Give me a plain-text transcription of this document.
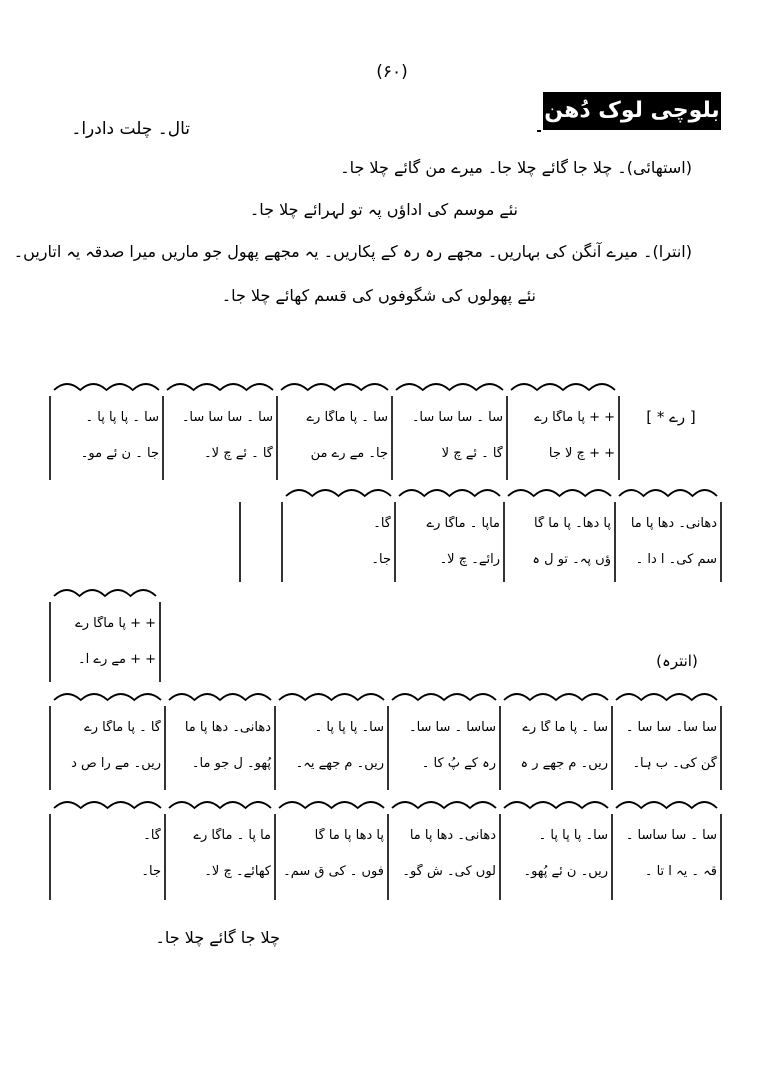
(۶۰)
بلوچی لوک دُھن
تال۔ چلت دادرا۔
(استھائی)۔ چلا جا گائے چلا جا۔ میرے من گائے چلا جا۔
نئے موسم کی اداؤں پہ تو لہرائے چلا جا۔
(انترا)۔ میرے آنگن کی بہاریں۔ مجھے رہ رہ کے پکاریں۔ یہ مجھے پھول جو ماریں میرا صدقہ یہ اتاریں۔
نئے پھولوں کی شگوفوں کی قسم کھائے چلا جا۔
[ رے * ]
(انترہ)
+ + پا ماگا رے
+ + چ لا جا
سا ۔ سا سا سا۔
گا ۔ ئے چ لا
سا ۔ پا ماگا رے
جا۔ مے رے من
سا ۔ سا سا سا۔
گا ۔ ئے چ لا۔
سا ۔ پا پا پا ۔
جا ۔ ن ئے مو۔
دھانی۔ دھا پا ما
سم کی۔ ا دا ۔
پا دھا۔ پا ما گا
ؤں پہ۔ تو ل ہ
ماپا ۔ ماگا رے
رائے۔ چ لا۔
گا۔
جا۔
+ + پا ماگا رے
+ + مے رے آ۔
سا سا۔ سا سا ۔
گن کی۔ ب ہا۔
سا ۔ پا ما گا رے
ریں۔ م جھے ر ہ
ساسا ۔ سا سا۔
رہ کے پُ کا ۔
سا۔ پا پا پا ۔
ریں۔ م جھے یہ۔
دھانی۔ دھا پا ما
پُھو۔ ل جو ما۔
گا ۔ پا ماگا رے
ریں۔ مے را ص د
سا ۔ سا ساسا ۔
قہ ۔ یہ اُ تا ۔
سا۔ پا پا پا ۔
ریں۔ ن ئے پُھو۔
دھانی۔ دھا پا ما
لوں کی۔ ش گُو۔
پا دھا پا ما گا
فوں ۔ کی ق سم۔
ما پا ۔ ماگا رے
کھائے۔ چ لا۔
گا۔
جا۔
چلا جا گائے چلا جا۔
